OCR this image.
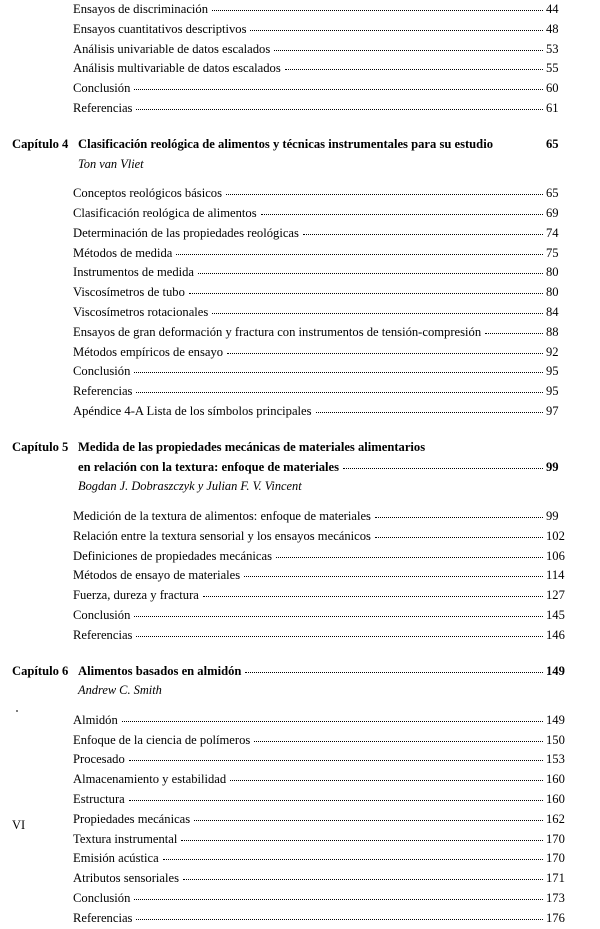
Ensayos de discriminación	44
Ensayos cuantitativos descriptivos	48
Análisis univariable de datos escalados	53
Análisis multivariable de datos escalados	55
Conclusión	60
Referencias	61
Capítulo 4 Clasificación reológica de alimentos y técnicas instrumentales para su estudio	65
Ton van Vliet
Conceptos reológicos básicos	65
Clasificación reológica de alimentos	69
Determinación de las propiedades reológicas	74
Métodos de medida	75
Instrumentos de medida	80
Viscosímetros de tubo	80
Viscosímetros rotacionales	84
Ensayos de gran deformación y fractura con instrumentos de tensión-compresión	88
Métodos empíricos de ensayo	92
Conclusión	95
Referencias	95
Apéndice 4-A Lista de los símbolos principales	97
Capítulo 5 Medida de las propiedades mecánicas de materiales alimentarios
en relación con la textura: enfoque de materiales	99
Bogdan J. Dobraszczyk y Julian F. V. Vincent
Medición de la textura de alimentos: enfoque de materiales	99
Relación entre la textura sensorial y los ensayos mecánicos	102
Definiciones de propiedades mecánicas	106
Métodos de ensayo de materiales	114
Fuerza, dureza y fractura	127
Conclusión	145
Referencias	146
Capítulo 6 Alimentos basados en almidón	149
Andrew C. Smith
Almidón	149
Enfoque de la ciencia de polímeros	150
Procesado	153
Almacenamiento y estabilidad	160
Estructura	160
Propiedades mecánicas	162
Textura instrumental	170
Emisión acústica	170
Atributos sensoriales	171
Conclusión	173
Referencias	176
VI
